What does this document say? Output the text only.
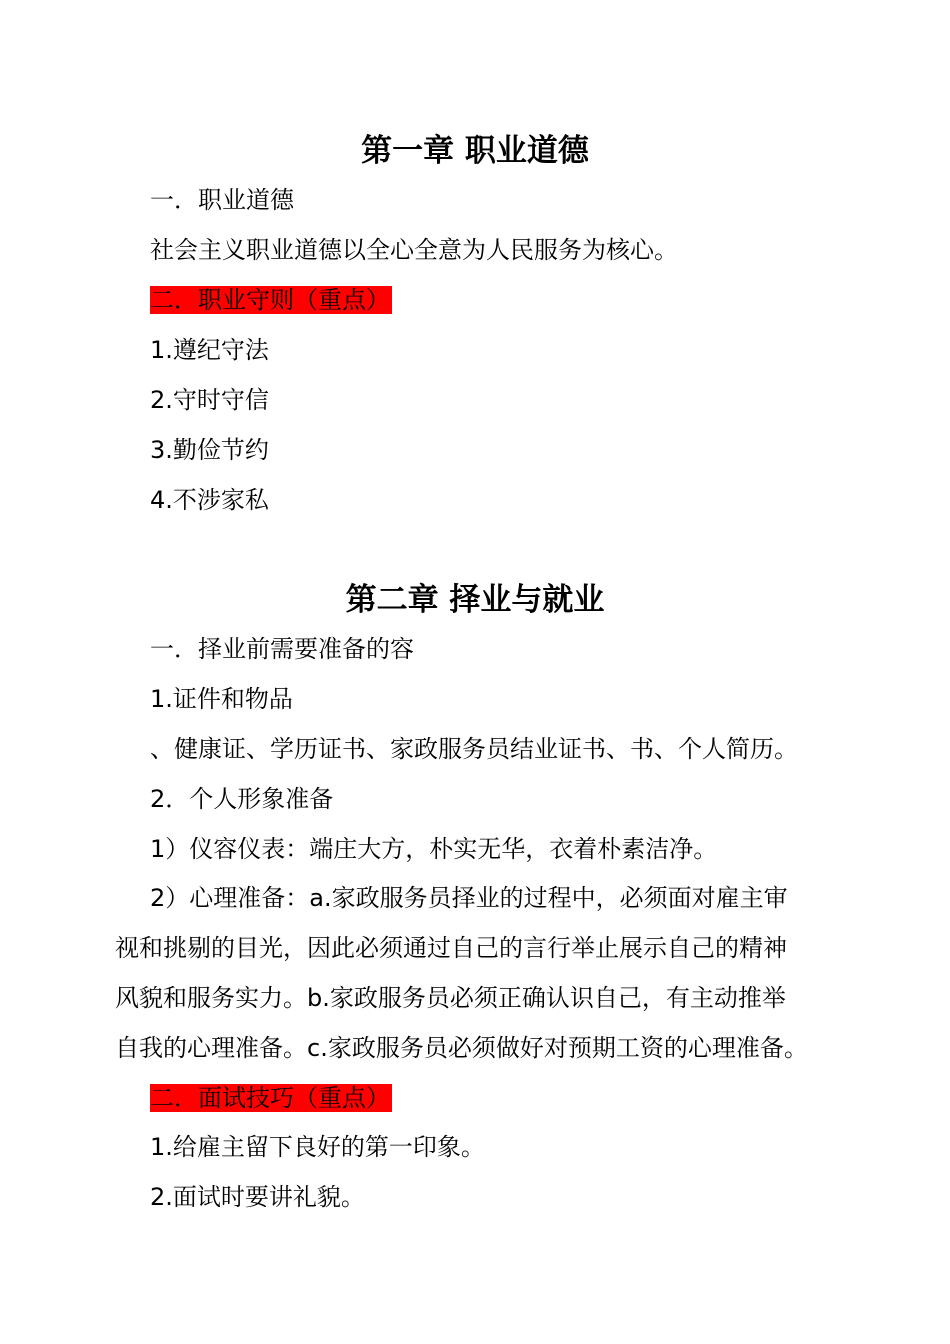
第一章 职业道德
一．职业道德
社会主义职业道德以全心全意为人民服务为核心。
二．职业守则（重点）
1.遵纪守法
2.守时守信
3.勤俭节约
4.不涉家私
第二章 择业与就业
一．择业前需要准备的容
1.证件和物品
、健康证、学历证书、家政服务员结业证书、书、个人简历。
2．个人形象准备
1）仪容仪表：端庄大方，朴实无华，衣着朴素洁净。
2）心理准备：a.家政服务员择业的过程中，必须面对雇主审
视和挑剔的目光，因此必须通过自己的言行举止展示自己的精神
风貌和服务实力。b.家政服务员必须正确认识自己，有主动推举
自我的心理准备。c.家政服务员必须做好对预期工资的心理准备。
二．面试技巧（重点）
1.给雇主留下良好的第一印象。
2.面试时要讲礼貌。
